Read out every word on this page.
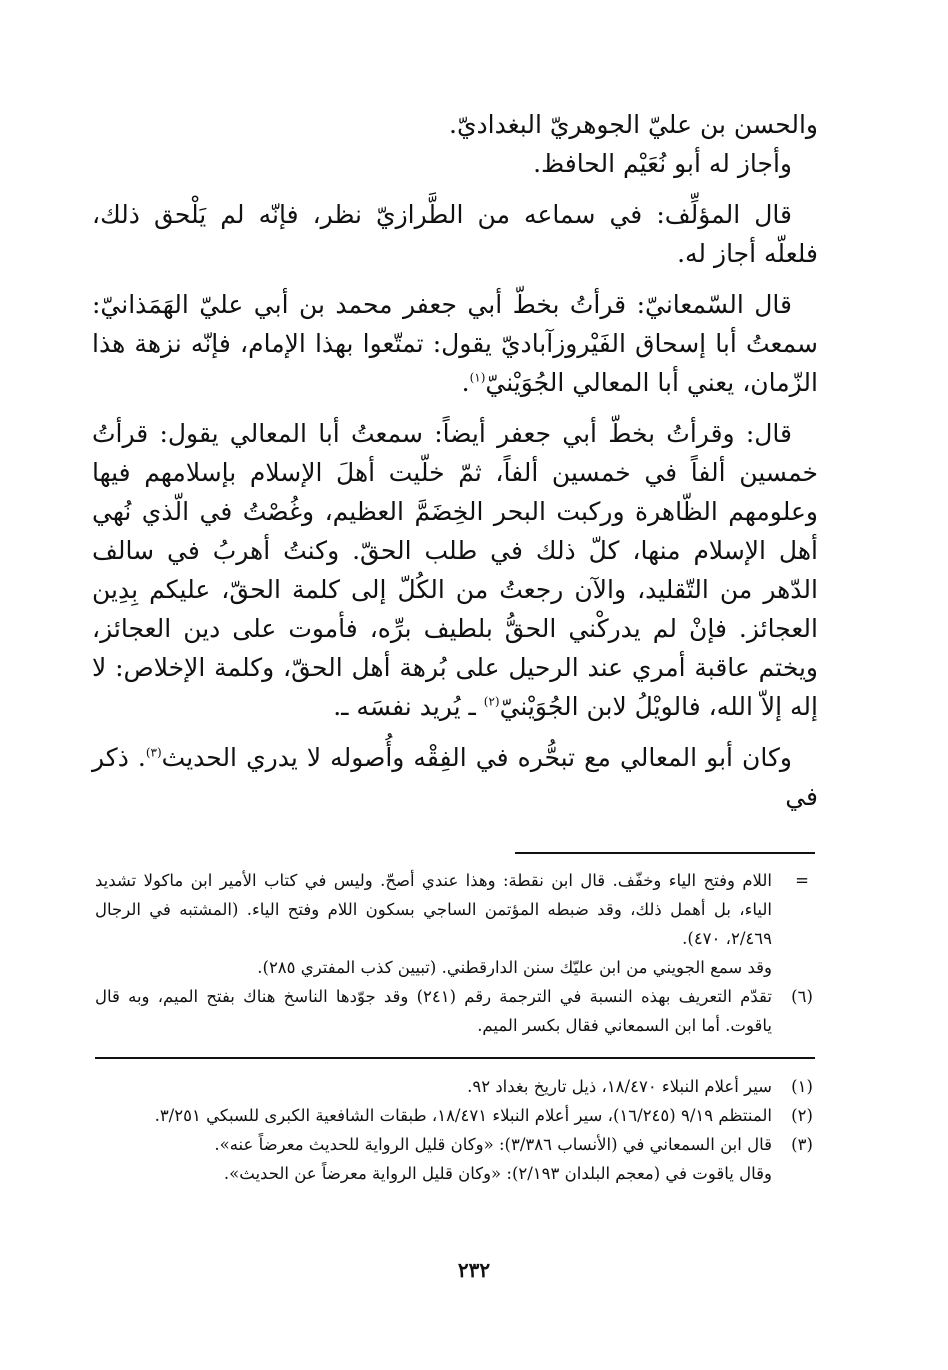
والحسن بن عليّ الجوهريّ البغداديّ.

وأجاز له أبو نُعَيْم الحافظ.

قال المؤلِّف: في سماعه من الطَّرازيّ نظر، فإنّه لم يَلْحق ذلك، فلعلّه أجاز له.

قال السّمعانيّ: قرأتُ بخطّ أبي جعفر محمد بن أبي عليّ الهَمَذانيّ: سمعتُ أبا إسحاق الفَيْروزآباديّ يقول: تمتّعوا بهذا الإمام، فإنّه نزهة هذا الزّمان، يعني أبا المعالي الجُوَيْنيّ$^{(١)}$.

قال: وقرأتُ بخطّ أبي جعفر أيضاً: سمعتُ أبا المعالي يقول: قرأتُ خمسين ألفاً في خمسين ألفاً، ثمّ خلّيت أهلَ الإسلام بإسلامهم فيها وعلومهم الظّاهرة وركبت البحر الخِضَمَّ العظيم، وغُصْتُ في الّذي نُهي أهل الإسلام منها، كلّ ذلك في طلب الحقّ. وكنتُ أهربُ في سالف الدّهر من التّقليد، والآن رجعتُ من الكُلّ إلى كلمة الحقّ، عليكم بِدِين العجائز. فإنْ لم يدركْني الحقُّ بلطيف برِّه، فأموت على دين العجائز، ويختم عاقبة أمري عند الرحيل على بُرهة أهل الحقّ، وكلمة الإخلاص: لا إله إلاّ الله، فالويْلُ لابن الجُوَيْنيّ$^{(٢)}$ ـ يُريد نفسَه ـ.

وكان أبو المعالي مع تبحُّره في الفِقْه وأُصوله لا يدري الحديث$^{(٣)}$. ذكر في

=
اللام وفتح الياء وخفّف. قال ابن نقطة: وهذا عندي أصحّ. وليس في كتاب الأمير ابن ماكولا تشديد الياء، بل أهمل ذلك، وقد ضبطه المؤتمن الساجي بسكون اللام وفتح الياء. (المشتبه في الرجال ٢/٤٦٩، ٤٧٠).
وقد سمع الجويني من ابن عليّك سنن الدارقطني. (تبيين كذب المفتري ٢٨٥).
(٦)
تقدّم التعريف بهذه النسبة في الترجمة رقم (٢٤١) وقد جوّدها الناسخ هناك بفتح الميم، وبه قال ياقوت. أما ابن السمعاني فقال بكسر الميم.
(١)
سير أعلام النبلاء ١٨/٤٧٠، ذيل تاريخ بغداد ٩٢.
(٢)
المنتظم ٩/١٩ (١٦/٢٤٥)، سير أعلام النبلاء ١٨/٤٧١، طبقات الشافعية الكبرى للسبكي ٣/٢٥١.
(٣)
قال ابن السمعاني في (الأنساب ٣/٣٨٦): «وكان قليل الرواية للحديث معرضاً عنه».
وقال ياقوت في (معجم البلدان ٢/١٩٣): «وكان قليل الرواية معرضاً عن الحديث».
٢٣٢
